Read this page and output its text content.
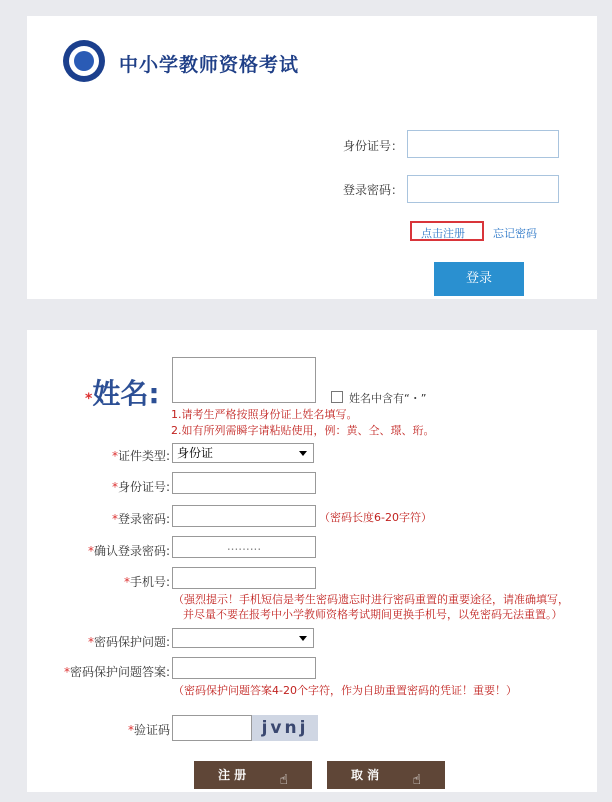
中小学教师资格考试
身份证号：
登录密码：
点击注册	忘记密码
登录
*姓名:	姓名中含有“・”
1.请考生严格按照身份证上姓名填写。
2.如有所列需瞬字请粘贴使用，例：黄、仝、璟、珩。
*证件类型: 身份证
*身份证号:
*登录密码:	（密码长度6-20字符）
*确认登录密码:	.........
*手机号:
（强烈提示！手机短信是考生密码遗忘时进行密码重置的重要途径，请准确填写，
并尽量不要在报考中小学教师资格考试期间更换手机号，以免密码无法重置。）
*密码保护问题:
*密码保护问题答案:
（密码保护问题答案4-20个字符，作为自助重置密码的凭证！重要！）
*验证码	jvnj
注 册 ☝	取 消 ☝
